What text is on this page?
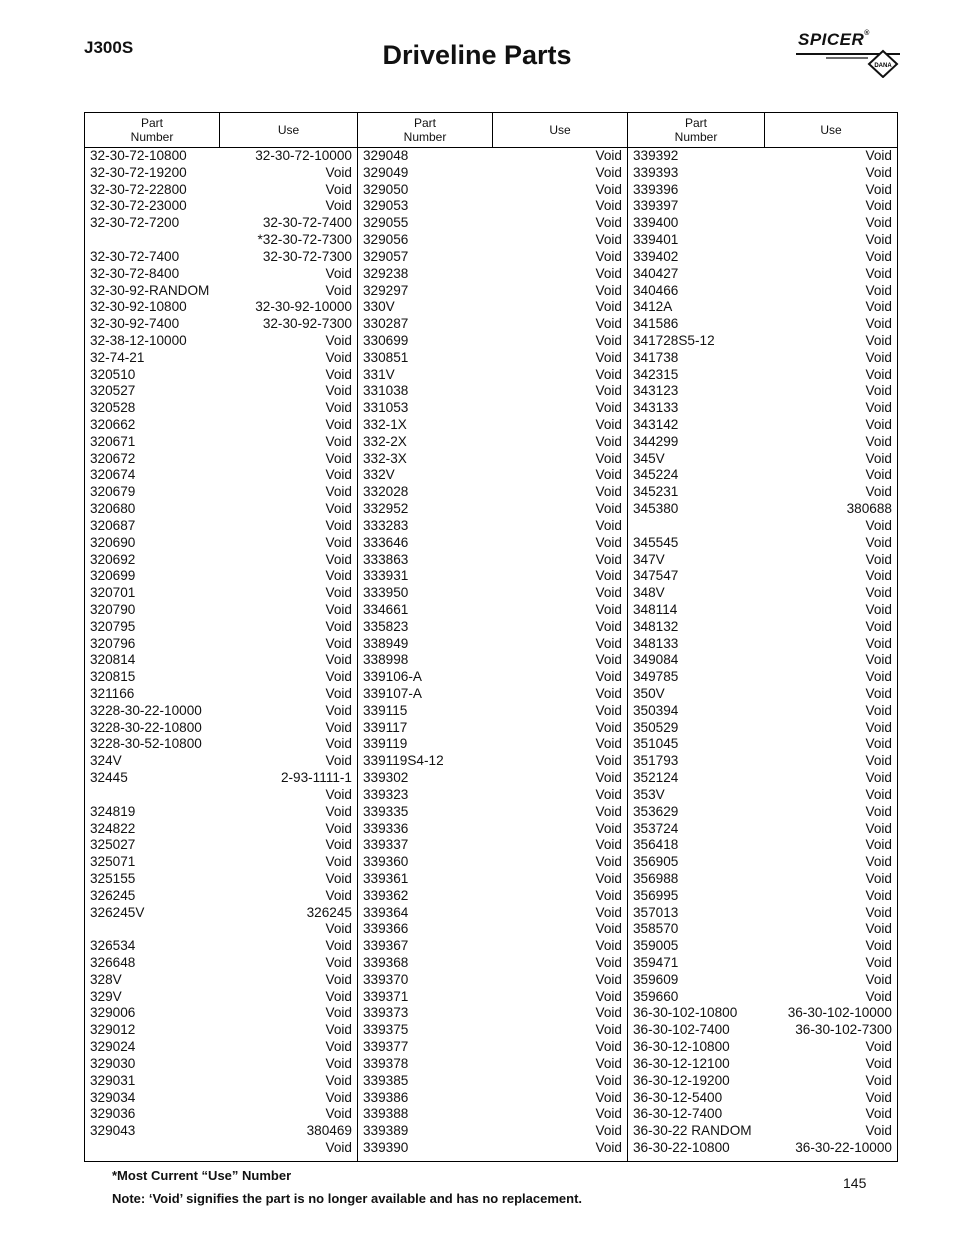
J300S	Driveline Parts
SPICER®
DANA
Part
Number	Use	Part
Number	Use	Part
Number	Use
32-30-72-10800	32-30-72-10000
32-30-72-19200	Void
32-30-72-22800	Void
32-30-72-23000	Void
32-30-72-7200	32-30-72-7400
*32-30-72-7300
32-30-72-7400	32-30-72-7300
32-30-72-8400	Void
32-30-92-RANDOM	Void
32-30-92-10800	32-30-92-10000
32-30-92-7400	32-30-92-7300
32-38-12-10000	Void
32-74-21	Void
320510	Void
320527	Void
320528	Void
320662	Void
320671	Void
320672	Void
320674	Void
320679	Void
320680	Void
320687	Void
320690	Void
320692	Void
320699	Void
320701	Void
320790	Void
320795	Void
320796	Void
320814	Void
320815	Void
321166	Void
3228-30-22-10000	Void
3228-30-22-10800	Void
3228-30-52-10800	Void
324V	Void
32445	2-93-1111-1
Void
324819	Void
324822	Void
325027	Void
325071	Void
325155	Void
326245	Void
326245V	326245
Void
326534	Void
326648	Void
328V	Void
329V	Void
329006	Void
329012	Void
329024	Void
329030	Void
329031	Void
329034	Void
329036	Void
329043	380469
Void
329048	Void
329049	Void
329050	Void
329053	Void
329055	Void
329056	Void
329057	Void
329238	Void
329297	Void
330V	Void
330287	Void
330699	Void
330851	Void
331V	Void
331038	Void
331053	Void
332-1X	Void
332-2X	Void
332-3X	Void
332V	Void
332028	Void
332952	Void
333283	Void
333646	Void
333863	Void
333931	Void
333950	Void
334661	Void
335823	Void
338949	Void
338998	Void
339106-A	Void
339107-A	Void
339115	Void
339117	Void
339119	Void
339119S4-12	Void
339302	Void
339323	Void
339335	Void
339336	Void
339337	Void
339360	Void
339361	Void
339362	Void
339364	Void
339366	Void
339367	Void
339368	Void
339370	Void
339371	Void
339373	Void
339375	Void
339377	Void
339378	Void
339385	Void
339386	Void
339388	Void
339389	Void
339390	Void
339392	Void
339393	Void
339396	Void
339397	Void
339400	Void
339401	Void
339402	Void
340427	Void
340466	Void
3412A	Void
341586	Void
341728S5-12	Void
341738	Void
342315	Void
343123	Void
343133	Void
343142	Void
344299	Void
345V	Void
345224	Void
345231	Void
345380	380688
Void
345545	Void
347V	Void
347547	Void
348V	Void
348114	Void
348132	Void
348133	Void
349084	Void
349785	Void
350V	Void
350394	Void
350529	Void
351045	Void
351793	Void
352124	Void
353V	Void
353629	Void
353724	Void
356418	Void
356905	Void
356988	Void
356995	Void
357013	Void
358570	Void
359005	Void
359471	Void
359609	Void
359660	Void
36-30-102-10800	36-30-102-10000
36-30-102-7400	36-30-102-7300
36-30-12-10800	Void
36-30-12-12100	Void
36-30-12-19200	Void
36-30-12-5400	Void
36-30-12-7400	Void
36-30-22 RANDOM	Void
36-30-22-10800	36-30-22-10000
*Most Current “Use” Number
Note: ‘Void’ signifies the part is no longer available and has no replacement.
145
